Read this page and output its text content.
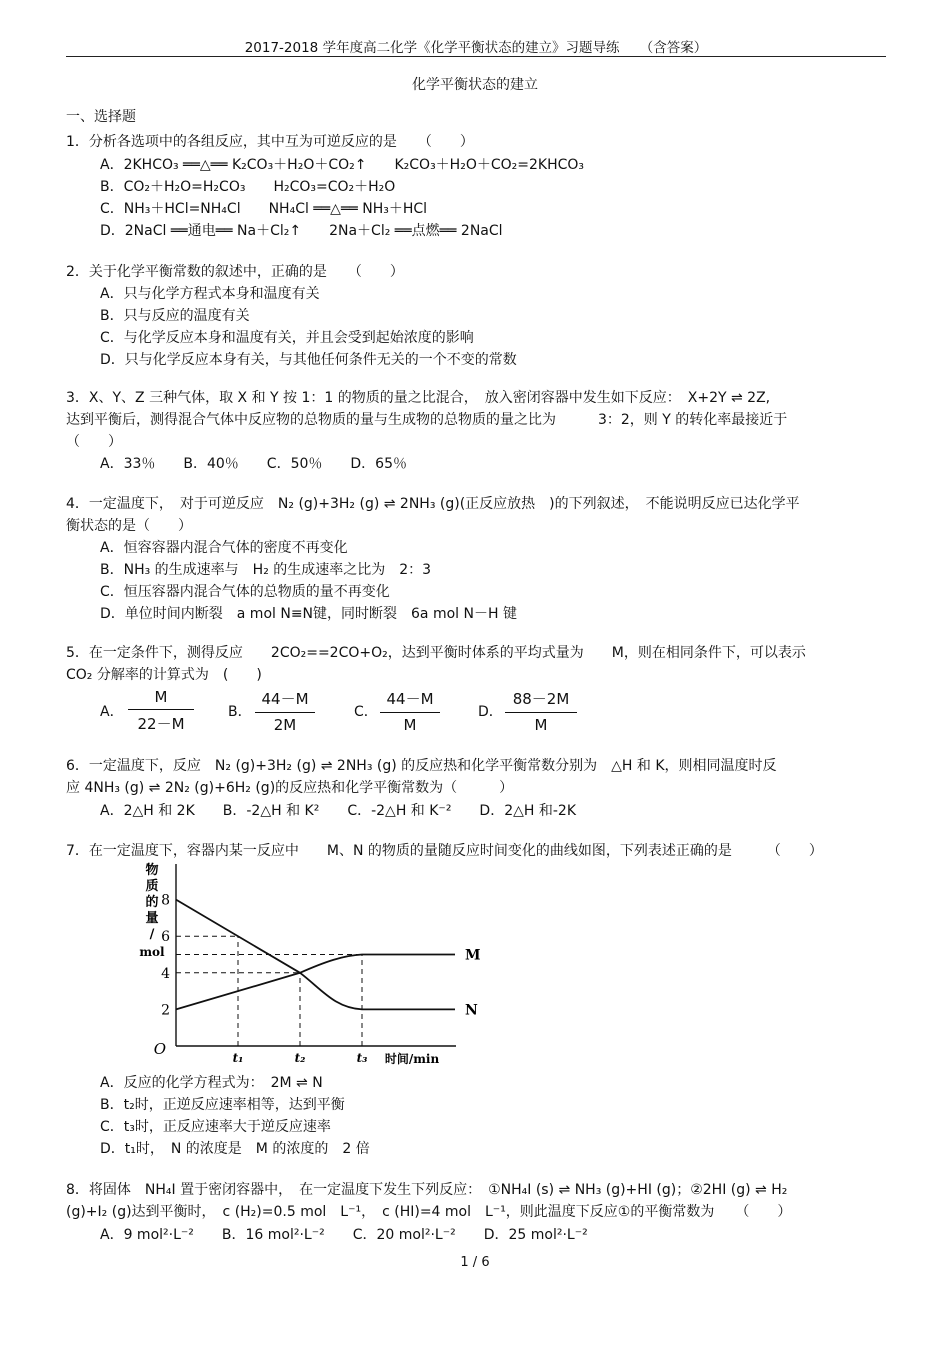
2017-2018 学年度高二化学《化学平衡状态的建立》习题导练　　（含答案）
化学平衡状态的建立
一、选择题
1．分析各选项中的各组反应，其中互为可逆反应的是　　（　　）
A．2KHCO₃ ══△══ K₂CO₃＋H₂O＋CO₂↑　　K₂CO₃＋H₂O＋CO₂=2KHCO₃
B．CO₂＋H₂O=H₂CO₃　　H₂CO₃=CO₂＋H₂O
C．NH₃＋HCl=NH₄Cl　　NH₄Cl ══△══ NH₃＋HCl
D．2NaCl ══通电══ Na＋Cl₂↑　　2Na＋Cl₂ ══点燃══ 2NaCl
2．关于化学平衡常数的叙述中，正确的是　　（　　）
A．只与化学方程式本身和温度有关
B．只与反应的温度有关
C．与化学反应本身和温度有关，并且会受到起始浓度的影响
D．只与化学反应本身有关，与其他任何条件无关的一个不变的常数
3．X、Y、Z 三种气体，取 X 和 Y 按 1：1 的物质的量之比混合，　放入密闭容器中发生如下反应：　X+2Y ⇌ 2Z,
达到平衡后，测得混合气体中反应物的总物质的量与生成物的总物质的量之比为　　　3：2，则 Y 的转化率最接近于
（　　）
A．33％　　B．40％　　C．50％　　D．65％
4．一定温度下，　对于可逆反应　N₂ (g)+3H₂ (g) ⇌ 2NH₃ (g)(正反应放热　)的下列叙述，　不能说明反应已达化学平
衡状态的是（　　）
A．恒容容器内混合气体的密度不再变化
B．NH₃ 的生成速率与　H₂ 的生成速率之比为　2：3
C．恒压容器内混合气体的总物质的量不再变化
D．单位时间内断裂　a mol N≡N键，同时断裂　6a mol N－H 键
5．在一定条件下，测得反应　　2CO₂==2CO+O₂，达到平衡时体系的平均式量为　　M，则在相同条件下，可以表示
CO₂ 分解率的计算式为　(　　)
A．
M
22－M
B．
44－M
2M
C．
44－M
M
D．
88－2M
M
6．一定温度下，反应　N₂ (g)+3H₂ (g) ⇌ 2NH₃ (g) 的反应热和化学平衡常数分别为　△H 和 K，则相同温度时反
应 4NH₃ (g) ⇌ 2N₂ (g)+6H₂ (g)的反应热和化学平衡常数为（　　　）
A．2△H 和 2K　　B．-2△H 和 K²　　C．-2△H 和 K⁻²　　D．2△H 和-2K
7．在一定温度下，容器内某一反应中　　M、N 的物质的量随反应时间变化的曲线如图，下列表述正确的是　　　（　　）
物
质
的
量
/
mol
2
4
6
8
O	t₁	t₂	t₃ 时间/min
M
N
A．反应的化学方程式为：　2M ⇌ N
B．t₂时，正逆反应速率相等，达到平衡
C．t₃时，正反应速率大于逆反应速率
D．t₁时，　N 的浓度是　M 的浓度的　2 倍
8．将固体　NH₄I 置于密闭容器中，　在一定温度下发生下列反应：　①NH₄I (s) ⇌ NH₃ (g)+HI (g)；②2HI (g) ⇌ H₂
(g)+I₂ (g)达到平衡时，　c (H₂)=0.5 mol　L⁻¹，　c (HI)=4 mol　L⁻¹，则此温度下反应①的平衡常数为　　（　　）
A．9 mol²·L⁻²　　B．16 mol²·L⁻²　　C．20 mol²·L⁻²　　D．25 mol²·L⁻²
1 / 6
